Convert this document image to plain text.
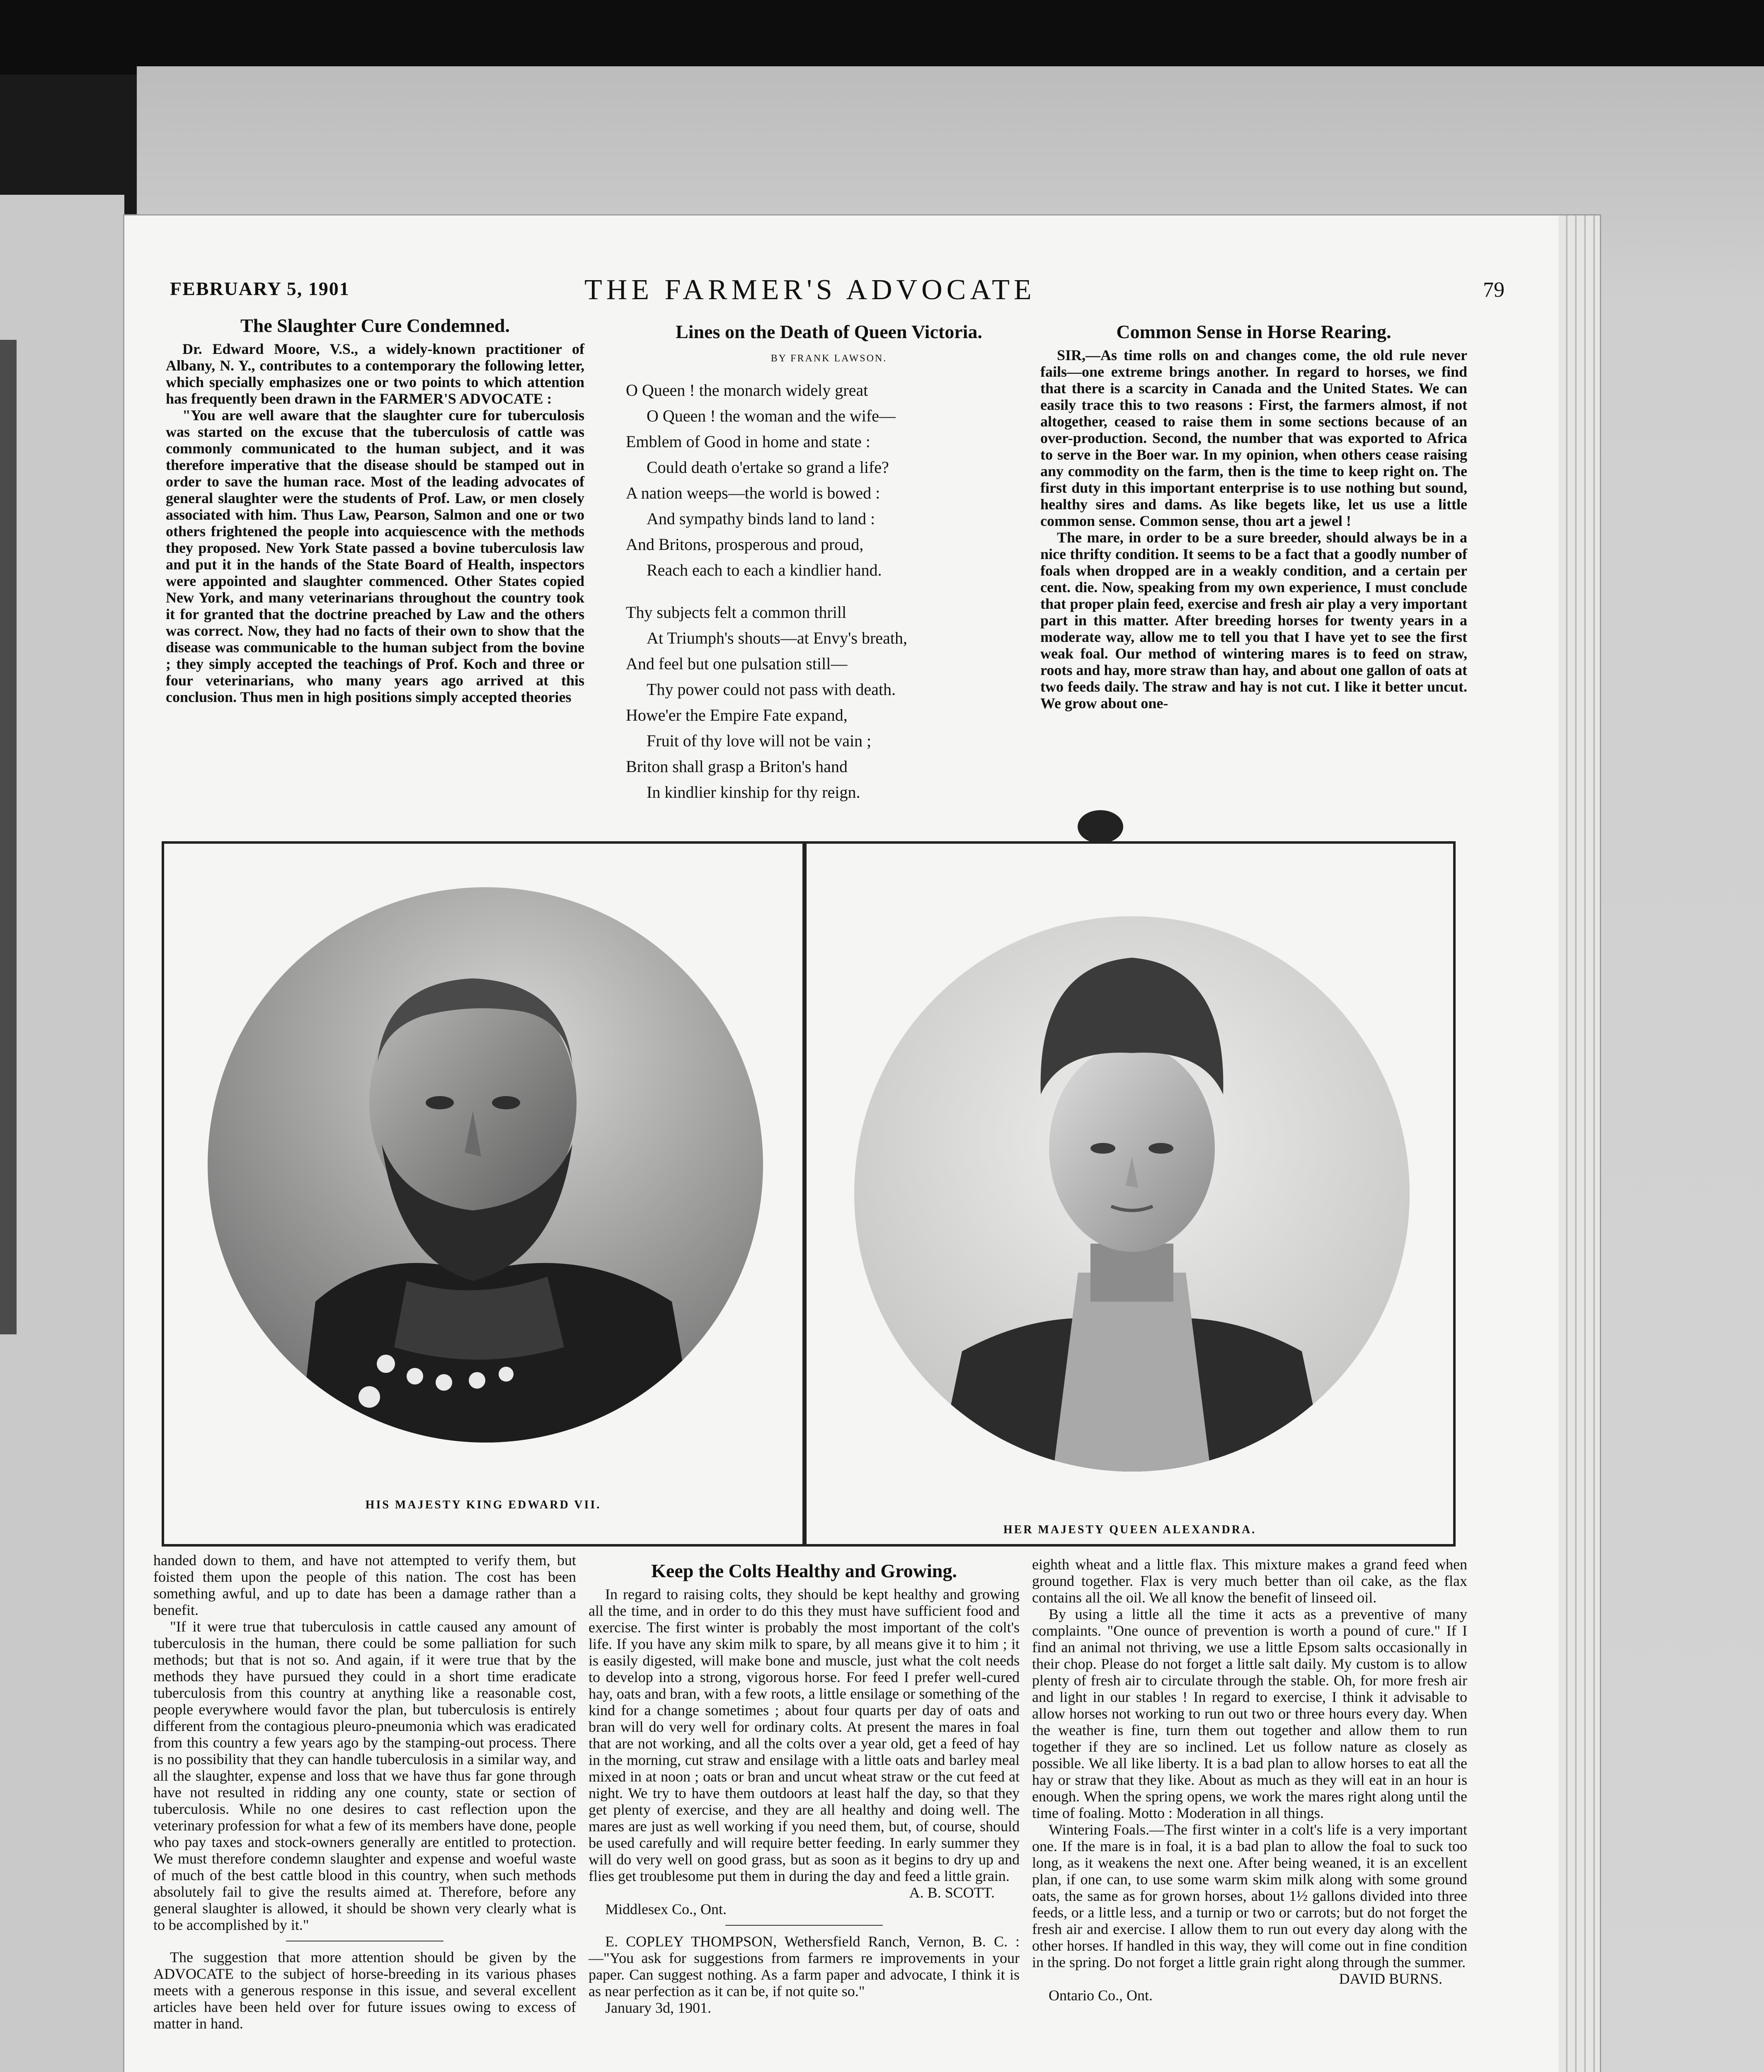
FEBRUARY 5, 1901	THE FARMER'S ADVOCATE	79
The Slaughter Cure Condemned.

Dr. Edward Moore, V.S., a widely-known practitioner of Albany, N. Y., contributes to a contemporary the following letter, which specially emphasizes one or two points to which attention has frequently been drawn in the FARMER'S ADVOCATE :

"You are well aware that the slaughter cure for tuberculosis was started on the excuse that the tuberculosis of cattle was commonly communicated to the human subject, and it was therefore imperative that the disease should be stamped out in order to save the human race. Most of the leading advocates of general slaughter were the students of Prof. Law, or men closely associated with him. Thus Law, Pearson, Salmon and one or two others frightened the people into acquiescence with the methods they proposed. New York State passed a bovine tuberculosis law and put it in the hands of the State Board of Health, inspectors were appointed and slaughter commenced. Other States copied New York, and many veterinarians throughout the country took it for granted that the doctrine preached by Law and the others was correct. Now, they had no facts of their own to show that the disease was communicable to the human subject from the bovine ; they simply accepted the teachings of Prof. Koch and three or four veterinarians, who many years ago arrived at this conclusion. Thus men in high positions simply accepted theories

Lines on the Death of Queen Victoria.
BY FRANK LAWSON.
O Queen ! the monarch widely great
O Queen ! the woman and the wife—
Emblem of Good in home and state :
Could death o'ertake so grand a life?
A nation weeps—the world is bowed :
And sympathy binds land to land :
And Britons, prosperous and proud,
Reach each to each a kindlier hand.
Thy subjects felt a common thrill
At Triumph's shouts—at Envy's breath,
And feel but one pulsation still—
Thy power could not pass with death.
Howe'er the Empire Fate expand,
Fruit of thy love will not be vain ;
Briton shall grasp a Briton's hand
In kindlier kinship for thy reign.
Common Sense in Horse Rearing.

SIR,—As time rolls on and changes come, the old rule never fails—one extreme brings another. In regard to horses, we find that there is a scarcity in Canada and the United States. We can easily trace this to two reasons : First, the farmers almost, if not altogether, ceased to raise them in some sections because of an over-production. Second, the number that was exported to Africa to serve in the Boer war. In my opinion, when others cease raising any commodity on the farm, then is the time to keep right on. The first duty in this important enterprise is to use nothing but sound, healthy sires and dams. As like begets like, let us use a little common sense. Common sense, thou art a jewel !

The mare, in order to be a sure breeder, should always be in a nice thrifty condition. It seems to be a fact that a goodly number of foals when dropped are in a weakly condition, and a certain per cent. die. Now, speaking from my own experience, I must conclude that proper plain feed, exercise and fresh air play a very important part in this matter. After breeding horses for twenty years in a moderate way, allow me to tell you that I have yet to see the first weak foal. Our method of wintering mares is to feed on straw, roots and hay, more straw than hay, and about one gallon of oats at two feeds daily. The straw and hay is not cut. I like it better uncut. We grow about one-

HIS MAJESTY KING EDWARD VII.
HER MAJESTY QUEEN ALEXANDRA.

handed down to them, and have not attempted to verify them, but foisted them upon the people of this nation. The cost has been something awful, and up to date has been a damage rather than a benefit.

"If it were true that tuberculosis in cattle caused any amount of tuberculosis in the human, there could be some palliation for such methods; but that is not so. And again, if it were true that by the methods they have pursued they could in a short time eradicate tuberculosis from this country at anything like a reasonable cost, people everywhere would favor the plan, but tuberculosis is entirely different from the contagious pleuro-pneumonia which was eradicated from this country a few years ago by the stamping-out process. There is no possibility that they can handle tuberculosis in a similar way, and all the slaughter, expense and loss that we have thus far gone through have not resulted in ridding any one county, state or section of tuberculosis. While no one desires to cast reflection upon the veterinary profession for what a few of its members have done, people who pay taxes and stock-owners generally are entitled to protection. We must therefore condemn slaughter and expense and woeful waste of much of the best cattle blood in this country, when such methods absolutely fail to give the results aimed at. Therefore, before any general slaughter is allowed, it should be shown very clearly what is to be accomplished by it."

The suggestion that more attention should be given by the ADVOCATE to the subject of horse-breeding in its various phases meets with a generous response in this issue, and several excellent articles have been held over for future issues owing to excess of matter in hand.

Keep the Colts Healthy and Growing.

In regard to raising colts, they should be kept healthy and growing all the time, and in order to do this they must have sufficient food and exercise. The first winter is probably the most important of the colt's life. If you have any skim milk to spare, by all means give it to him ; it is easily digested, will make bone and muscle, just what the colt needs to develop into a strong, vigorous horse. For feed I prefer well-cured hay, oats and bran, with a few roots, a little ensilage or something of the kind for a change sometimes ; about four quarts per day of oats and bran will do very well for ordinary colts. At present the mares in foal that are not working, and all the colts over a year old, get a feed of hay in the morning, cut straw and ensilage with a little oats and barley meal mixed in at noon ; oats or bran and uncut wheat straw or the cut feed at night. We try to have them outdoors at least half the day, so that they get plenty of exercise, and they are all healthy and doing well. The mares are just as well working if you need them, but, of course, should be used carefully and will require better feeding. In early summer they will do very well on good grass, but as soon as it begins to dry up and flies get troublesome put them in during the day and feed a little grain.

A. B. SCOTT.

Middlesex Co., Ont.

E. COPLEY THOMPSON, Wethersfield Ranch, Vernon, B. C. :—"You ask for suggestions from farmers re improvements in your paper. Can suggest nothing. As a farm paper and advocate, I think it is as near perfection as it can be, if not quite so."

January 3d, 1901.

eighth wheat and a little flax. This mixture makes a grand feed when ground together. Flax is very much better than oil cake, as the flax contains all the oil. We all know the benefit of linseed oil.

By using a little all the time it acts as a preventive of many complaints. "One ounce of prevention is worth a pound of cure." If I find an animal not thriving, we use a little Epsom salts occasionally in their chop. Please do not forget a little salt daily. My custom is to allow plenty of fresh air to circulate through the stable. Oh, for more fresh air and light in our stables ! In regard to exercise, I think it advisable to allow horses not working to run out two or three hours every day. When the weather is fine, turn them out together and allow them to run together if they are so inclined. Let us follow nature as closely as possible. We all like liberty. It is a bad plan to allow horses to eat all the hay or straw that they like. About as much as they will eat in an hour is enough. When the spring opens, we work the mares right along until the time of foaling. Motto : Moderation in all things.

Wintering Foals.—The first winter in a colt's life is a very important one. If the mare is in foal, it is a bad plan to allow the foal to suck too long, as it weakens the next one. After being weaned, it is an excellent plan, if one can, to use some warm skim milk along with some ground oats, the same as for grown horses, about 1½ gallons divided into three feeds, or a little less, and a turnip or two or carrots; but do not forget the fresh air and exercise. I allow them to run out every day along with the other horses. If handled in this way, they will come out in fine condition in the spring. Do not forget a little grain right along through the summer.

DAVID BURNS.

Ontario Co., Ont.
